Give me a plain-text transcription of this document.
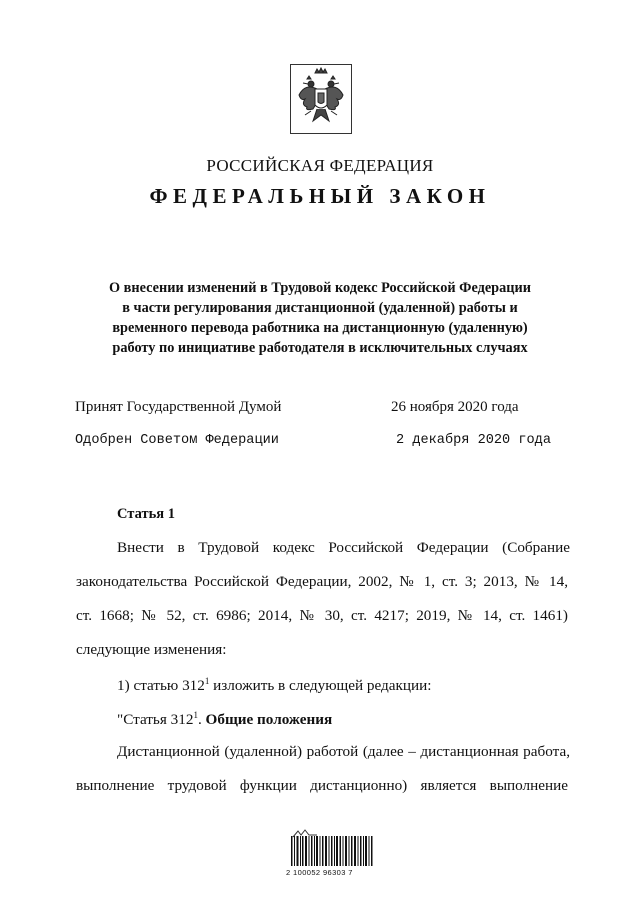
РОССИЙСКАЯ ФЕДЕРАЦИЯ
ФЕДЕРАЛЬНЫЙ ЗАКОН
О внесении изменений в Трудовой кодекс Российской Федерации
в части регулирования дистанционной (удаленной) работы и
временного перевода работника на дистанционную (удаленную)
работу по инициативе работодателя в исключительных случаях
Принят Государственной Думой	26 ноября 2020 года
Одобрен Советом Федерации	2 декабря 2020 года
Статья 1
Внести в Трудовой кодекс Российской Федерации (Собрание
законодательства Российской Федерации, 2002, № 1, ст. 3; 2013, № 14,
ст. 1668; № 52, ст. 6986; 2014, № 30, ст. 4217; 2019, № 14, ст. 1461)
следующие изменения:
1) статью $312^1$ изложить в следующей редакции:
"Статья $312^1$. Общие положения
Дистанционной (удаленной) работой (далее – дистанционная работа,
выполнение трудовой функции дистанционно) является выполнение
2 100052 96303 7
